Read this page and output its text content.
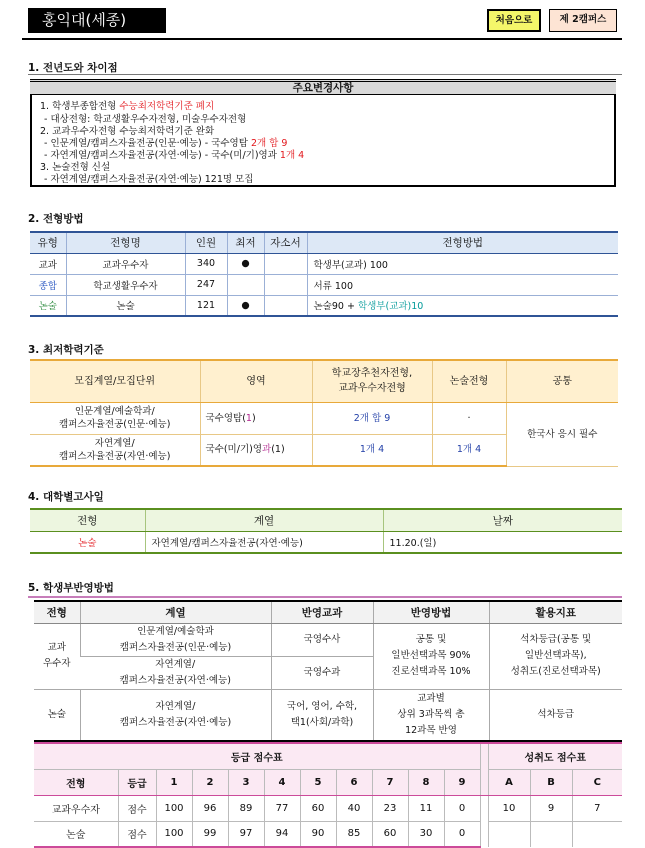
홍익대(세종)	처음으로	제 2캠퍼스
1. 전년도와 차이점
주요변경사항
1. 학생부종합전형 수능최저학력기준 폐지
- 대상전형: 학교생활우수자전형, 미술우수자전형
2. 교과우수자전형 수능최저학력기준 완화
- 인문계열/캠퍼스자율전공(인문·예능) - 국수영탐 2개 합 9
- 자연계열/캠퍼스자율전공(자연·예능) - 국수(미/기)영과 1개 4
3. 논술전형 신설
- 자연계열/캠퍼스자율전공(자연·예능) 121명 모집
2. 전형방법
유형	전형명	인원	최저	자소서	전형방법
교과	교과우수자	340	●		학생부(교과) 100
종합	학교생활우수자	247			서류 100
논술	논술	121	●		논술90 + 학생부(교과)10
3. 최저학력기준
모집계열/모집단위	영역	학교장추천자전형,
교과우수자전형	논술전형	공통
인문계열/예술학과/
캠퍼스자율전공(인문·예능)	국수영탐(1)	2개 합 9	·	한국사 응시 필수
자연계열/
캠퍼스자율전공(자연·예능)	국수(미/기)영과(1)	1개 4	1개 4	
4. 대학별고사일
전형	계열	날짜
논술	자연계열/캠퍼스자율전공(자연·예능)	11.20.(일)
5. 학생부반영방법
전형	계열	반영교과	반영방법	활용지표
교과
우수자	인문계열/예술학과
캠퍼스자율전공(인문·예능)	국영수사	공통 및
일반선택과목 90%
진로선택과목 10%	석차등급(공통 및
일반선택과목),
성취도(진로선택과목)
	자연계열/
캠퍼스자율전공(자연·예능)	국영수과		
논술	자연계열/
캠퍼스자율전공(자연·예능)	국어, 영어, 수학,
택1(사회/과학)	교과별
상위 3과목씩 총
12과목 반영	석차등급
등급 점수표												성취도 점수표		
전형	등급	1	2	3	4	5	6	7	8	9		A	B	C
교과우수자	점수	100	96	89	77	60	40	23	11	0		10	9	7
논술	점수	100	99	97	94	90	85	60	30	0				
